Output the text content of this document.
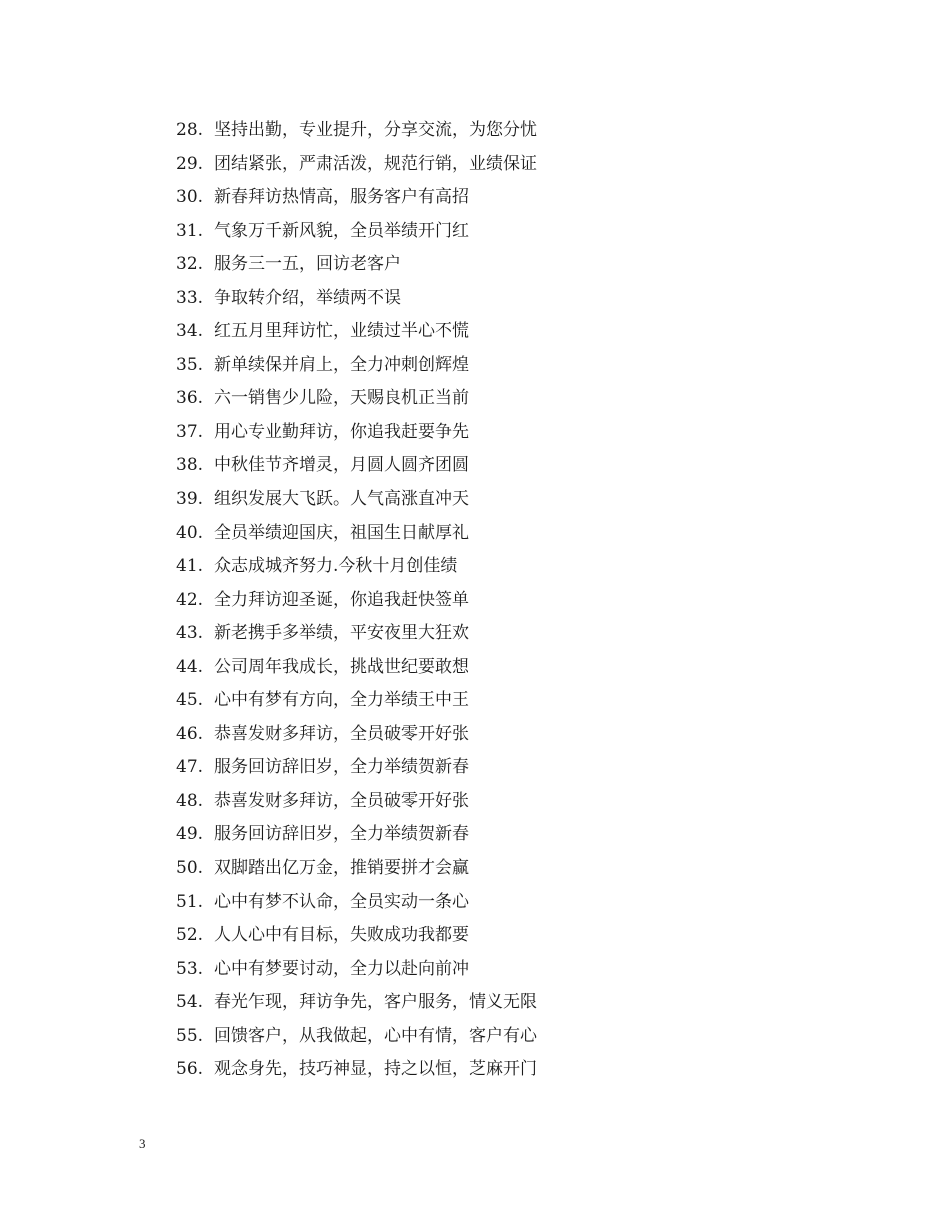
28. 坚持出勤，专业提升，分享交流，为您分忧
29. 团结紧张，严肃活泼，规范行销，业绩保证
30. 新春拜访热情高，服务客户有高招
31. 气象万千新风貌，全员举绩开门红
32. 服务三一五，回访老客户
33. 争取转介绍，举绩两不误
34. 红五月里拜访忙，业绩过半心不慌
35. 新单续保并肩上，全力冲刺创辉煌
36. 六一销售少儿险，天赐良机正当前
37. 用心专业勤拜访，你追我赶要争先
38. 中秋佳节齐增灵，月圆人圆齐团圆
39. 组织发展大飞跃。人气高涨直冲天
40. 全员举绩迎国庆，祖国生日献厚礼
41. 众志成城齐努力.今秋十月创佳绩
42. 全力拜访迎圣诞，你追我赶快签单
43. 新老携手多举绩，平安夜里大狂欢
44. 公司周年我成长，挑战世纪要敢想
45. 心中有梦有方向，全力举绩王中王
46. 恭喜发财多拜访，全员破零开好张
47. 服务回访辞旧岁，全力举绩贺新春
48. 恭喜发财多拜访，全员破零开好张
49. 服务回访辞旧岁，全力举绩贺新春
50. 双脚踏出亿万金，推销要拼才会赢
51. 心中有梦不认命，全员实动一条心
52. 人人心中有目标，失败成功我都要
53. 心中有梦要讨动，全力以赴向前冲
54. 春光乍现，拜访争先，客户服务，情义无限
55. 回馈客户，从我做起，心中有情，客户有心
56. 观念身先，技巧神显，持之以恒，芝麻开门
3
